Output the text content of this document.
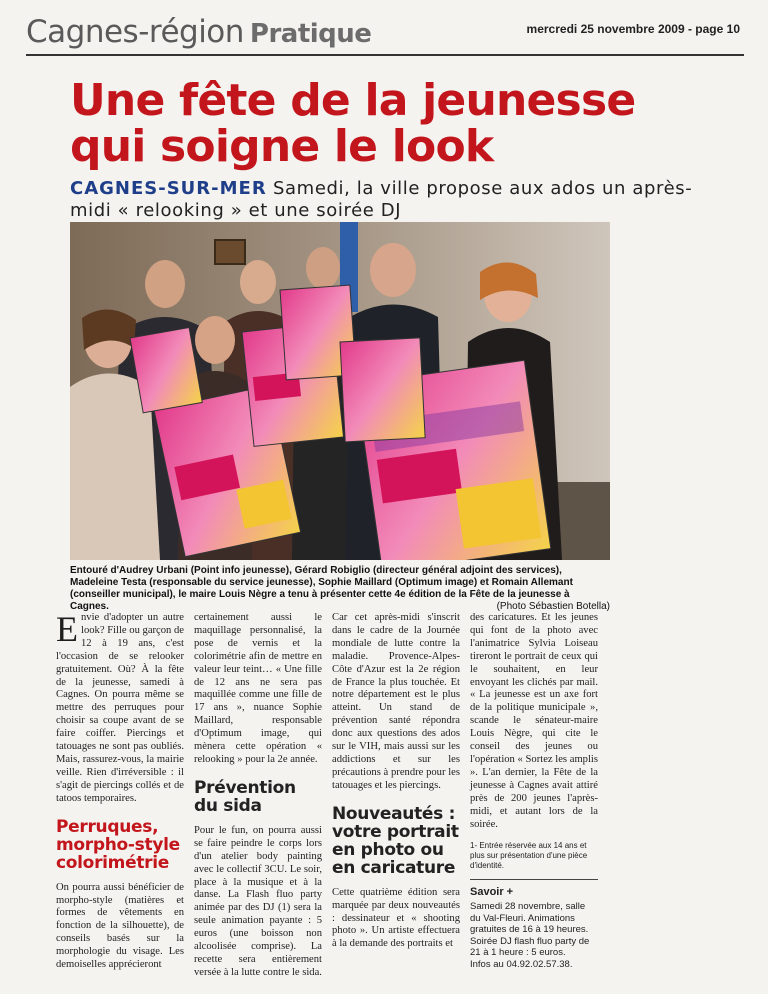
Cagnes-région Pratique	mercredi 25 novembre 2009 - page 10
Une fête de la jeunesse qui soigne le look

CAGNES-SUR-MER Samedi, la ville propose aux ados un après-midi « relooking » et une soirée DJ

Entouré d'Audrey Urbani (Point info jeunesse), Gérard Robiglio (directeur général adjoint des services), Madeleine Testa (responsable du service jeunesse), Sophie Maillard (Optimum image) et Romain Allemant (conseiller municipal), le maire Louis Nègre a tenu à présenter cette 4e édition de la Fête de la jeunesse à Cagnes.	(Photo Sébastien Botella)

Envie d'adopter un autre look? Fille ou garçon de 12 à 19 ans, c'est l'occasion de se relooker gratuitement. Où? À la fête de la jeunesse, samedi à Cagnes. On pourra même se mettre des perruques pour choisir sa coupe avant de se faire coiffer. Piercings et tatouages ne sont pas oubliés. Mais, rassurez-vous, la mairie veille. Rien d'irréversible : il s'agit de piercings collés et de tatoos temporaires.

Perruques, morpho-style colorimétrie

On pourra aussi bénéficier de morpho-style (matières et formes de vêtements en fonction de la silhouette), de conseils basés sur la morphologie du visage. Les demoiselles apprécieront

certainement aussi le maquillage personnalisé, la pose de vernis et la colorimétrie afin de mettre en valeur leur teint… « Une fille de 12 ans ne sera pas maquillée comme une fille de 17 ans », nuance Sophie Maillard, responsable d'Optimum image, qui mènera cette opération « relooking » pour la 2e année.

Prévention du sida

Pour le fun, on pourra aussi se faire peindre le corps lors d'un atelier body painting avec le collectif 3CU. Le soir, place à la musique et à la danse. La Flash fluo party animée par des DJ (1) sera la seule animation payante : 5 euros (une boisson non alcoolisée comprise). La recette sera entièrement versée à la lutte contre le sida.

Car cet après-midi s'inscrit dans le cadre de la Journée mondiale de lutte contre la maladie. Provence-Alpes-Côte d'Azur est la 2e région de France la plus touchée. Et notre département est le plus atteint. Un stand de prévention santé répondra donc aux questions des ados sur le VIH, mais aussi sur les addictions et sur les précautions à prendre pour les tatouages et les piercings.

Nouveautés : votre portrait en photo ou en caricature

Cette quatrième édition sera marquée par deux nouveautés : dessinateur et « shooting photo ». Un artiste effectuera à la demande des portraits et

des caricatures. Et les jeunes qui font de la photo avec l'animatrice Sylvia Loiseau tireront le portrait de ceux qui le souhaitent, en leur envoyant les clichés par mail. « La jeunesse est un axe fort de la politique municipale », scande le sénateur-maire Louis Nègre, qui cite le conseil des jeunes ou l'opération « Sortez les amplis ». L'an dernier, la Fête de la jeunesse à Cagnes avait attiré près de 200 jeunes l'après-midi, et autant lors de la soirée.

1- Entrée réservée aux 14 ans et plus sur présentation d'une pièce d'identité.
Savoir +
Samedi 28 novembre, salle du Val-Fleuri. Animations gratuites de 16 à 19 heures.
Soirée DJ flash fluo party de 21 à 1 heure : 5 euros.
Infos au 04.92.02.57.38.
